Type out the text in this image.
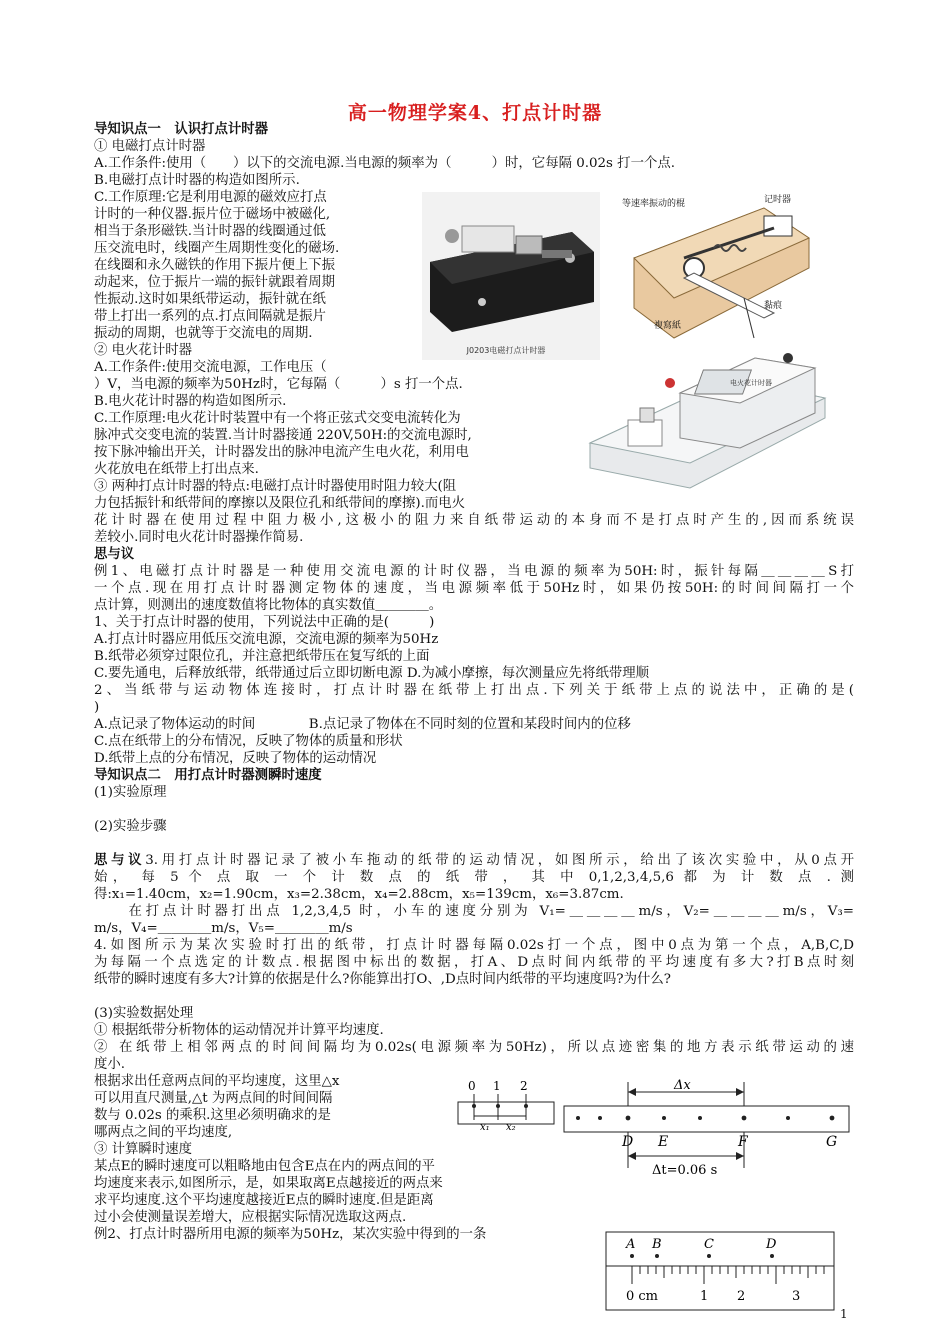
高一物理学案4、打点计时器
导知识点一　认识打点计时器
① 电磁打点计时器
A.工作条件:使用（　　）以下的交流电源.当电源的频率为（　　　）时，它每隔 0.02s 打一个点.
B.电磁打点计时器的构造如图所示.
C.工作原理:它是利用电源的磁效应打点
计时的一种仪器.振片位于磁场中被磁化,
相当于条形磁铁.当计时器的线圈通过低
压交流电时，线圈产生周期性变化的磁场.
在线圈和永久磁铁的作用下振片便上下振
动起来，位于振片一端的振针就跟着周期
性振动.这时如果纸带运动，振针就在纸
带上打出一系列的点.打点间隔就是振片
振动的周期，也就等于交流电的周期.
② 电火花计时器
A.工作条件:使用交流电源，工作电压（
）V，当电源的频率为50Hz时，它每隔（　　　）s 打一个点.
B.电火花计时器的构造如图所示.
C.工作原理:电火花计时装置中有一个将正弦式交变电流转化为
脉冲式交变电流的装置.当计时器接通 220V,50H:的交流电源时,
按下脉冲输出开关，计时器发出的脉冲电流产生电火花，利用电
火花放电在纸带上打出点来.
③ 两种打点计时器的特点:电磁打点计时器使用时阻力较大(阻
力包括振针和纸带间的摩擦以及限位孔和纸带间的摩擦).而电火
花计时器在使用过程中阻力极小,这极小的阻力来自纸带运动的本身而不是打点时产生的,因而系统误
差较小.同时电火花计时器操作简易.
思与议
例1、电磁打点计时器是一种使用交流电源的计时仪器，当电源的频率为50H:时，振针每隔＿＿＿＿S打
一个点.现在用打点计时器测定物体的速度，当电源频率低于50Hz时，如果仍按50H:的时间间隔打一个
点计算，则测出的速度数值将比物体的真实数值＿＿＿＿。
1、关于打点计时器的使用，下列说法中正确的是(　　　)
A.打点计时器应用低压交流电源，交流电源的频率为50Hz
B.纸带必须穿过限位孔，并注意把纸带压在复写纸的上面
C.要先通电，后释放纸带，纸带通过后立即切断电源 D.为减小摩擦，每次测量应先将纸带理顺
2、当纸带与运动物体连接时，打点计时器在纸带上打出点.下列关于纸带上点的说法中，正确的是(
)
A.点记录了物体运动的时间　　　　B.点记录了物体在不同时刻的位置和某段时间内的位移
C.点在纸带上的分布情况，反映了物体的质量和形状
D.纸带上点的分布情况，反映了物体的运动情况
导知识点二　用打点计时器测瞬时速度
(1)实验原理
(2)实验步骤
思与议3.用打点计时器记录了被小车拖动的纸带的运动情况，如图所示，给出了该次实验中，从0点开
始， 每 5 个 点 取 一 个 计 数 点 的 纸 带 ， 其 中 0,1,2,3,4,5,6 都 为 计 数 点 . 测
得:x₁=1.40cm，x₂=1.90cm，x₃=2.38cm，x₄=2.88cm，x₅=139cm，x₆=3.87cm.
　　在打点计时器打出点 1,2,3,4,5 时，小车的速度分别为 V₁=＿＿＿＿m/s，V₂=＿＿＿＿m/s，V₃=
m/s，V₄=＿＿＿＿m/s，V₅=＿＿＿＿m/s
4.如图所示为某次实验时打出的纸带，打点计时器每隔0.02s打一个点，图中0点为第一个点，A,B,C,D
为每隔一个点选定的计数点.根据图中标出的数据，打A、D点时间内纸带的平均速度有多大?打B点时刻
纸带的瞬时速度有多大?计算的依据是什么?你能算出打O、,D点时间内纸带的平均速度吗?为什么?
(3)实验数据处理
① 根据纸带分析物体的运动情况并计算平均速度.
② 在纸带上相邻两点的时间间隔均为0.02s(电源频率为50Hz)，所以点迹密集的地方表示纸带运动的速
度小.
根据求出任意两点间的平均速度，这里△x
可以用直尺测量,△t 为两点间的时间间隔
数与 0.02s 的乘积.这里必须明确求的是
哪两点之间的平均速度,
③ 计算瞬时速度
某点E的瞬时速度可以粗略地由包含E点在内的两点间的平
均速度来表示,如图所示，是，如果取离E点越接近的两点来
求平均速度.这个平均速度越接近E点的瞬时速度.但是距离
过小会使测量误差增大，应根据实际情况选取这两点.
例2、打点计时器所用电源的频率为50Hz，某次实验中得到的一条
J0203电磁打点计时器
等速率振动的棍	记时器
黏痕
複寫紙
电火花计时器
0 1 2
x₁ x₂
Δx
D E	F	G
Δt=0.06 s
A B	C	D
0 cm	1 2	3
1
